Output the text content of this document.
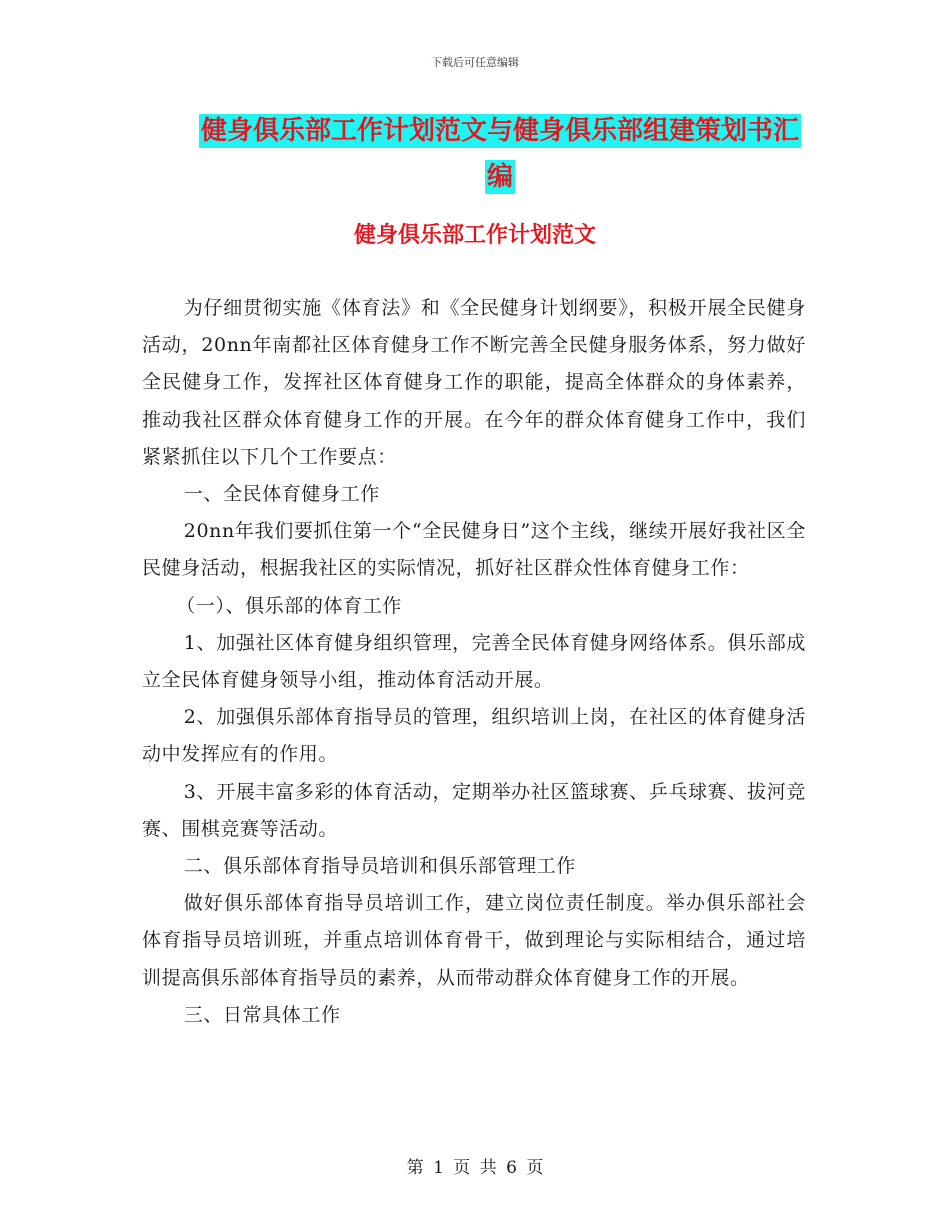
下载后可任意编辑
健身俱乐部工作计划范文与健身俱乐部组建策划书汇
编
健身俱乐部工作计划范文

为仔细贯彻实施《体育法》和《全民健身计划纲要》，积极开展全民健身活动，20nn年南都社区体育健身工作不断完善全民健身服务体系，努力做好全民健身工作，发挥社区体育健身工作的职能，提高全体群众的身体素养，推动我社区群众体育健身工作的开展。在今年的群众体育健身工作中，我们紧紧抓住以下几个工作要点：

一、全民体育健身工作

20nn年我们要抓住第一个“全民健身日”这个主线，继续开展好我社区全民健身活动，根据我社区的实际情况，抓好社区群众性体育健身工作：

（一）、俱乐部的体育工作

1、加强社区体育健身组织管理，完善全民体育健身网络体系。俱乐部成立全民体育健身领导小组，推动体育活动开展。

2、加强俱乐部体育指导员的管理，组织培训上岗，在社区的体育健身活动中发挥应有的作用。

3、开展丰富多彩的体育活动，定期举办社区篮球赛、乒乓球赛、拔河竞赛、围棋竞赛等活动。

二、俱乐部体育指导员培训和俱乐部管理工作

做好俱乐部体育指导员培训工作，建立岗位责任制度。举办俱乐部社会体育指导员培训班，并重点培训体育骨干，做到理论与实际相结合，通过培训提高俱乐部体育指导员的素养，从而带动群众体育健身工作的开展。

三、日常具体工作

第 1 页 共 6 页
